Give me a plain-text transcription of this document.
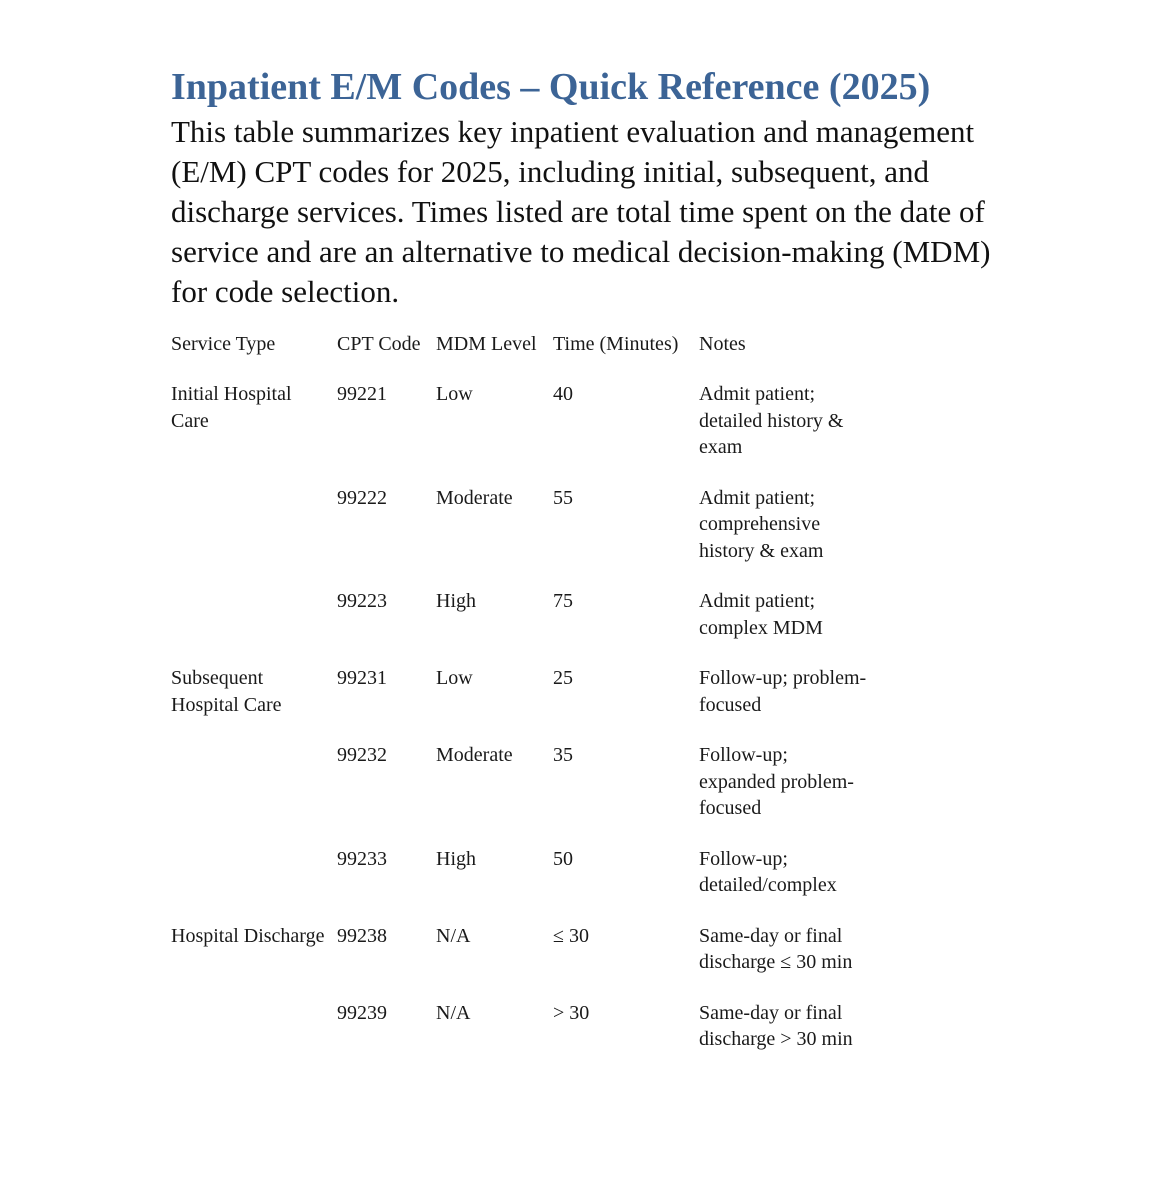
Inpatient E/M Codes – Quick Reference (2025)

This table summarizes key inpatient evaluation and management (E/M) CPT codes for 2025, including initial, subsequent, and discharge services. Times listed are total time spent on the date of service and are an alternative to medical decision-making (MDM) for code selection.

Service Type	CPT Code	MDM Level	Time (Minutes)	Notes
Initial Hospital Care	99221	Low	40	Admit patient; detailed history & exam
	99222	Moderate	55	Admit patient; comprehensive history & exam
	99223	High	75	Admit patient; complex MDM
Subsequent Hospital Care	99231	Low	25	Follow-up; problem-focused
	99232	Moderate	35	Follow-up; expanded problem-focused
	99233	High	50	Follow-up; detailed/complex
Hospital Discharge	99238	N/A	≤ 30	Same-day or final discharge ≤ 30 min
	99239	N/A	> 30	Same-day or final discharge > 30 min
